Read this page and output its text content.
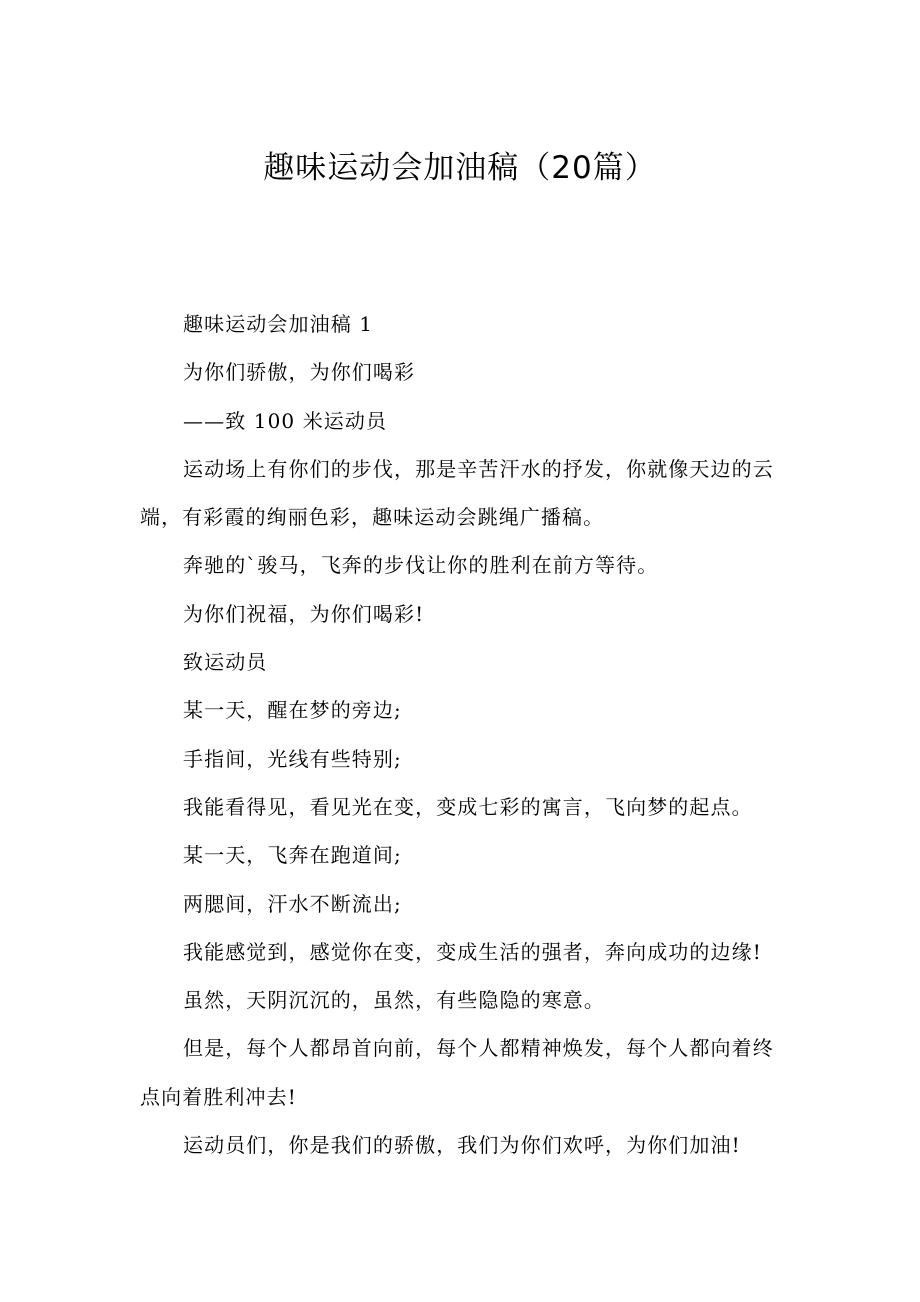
趣味运动会加油稿（20篇）

趣味运动会加油稿 1

为你们骄傲，为你们喝彩

——致 100 米运动员

运动场上有你们的步伐，那是辛苦汗水的抒发，你就像天边的云端，有彩霞的绚丽色彩，趣味运动会跳绳广播稿。

奔驰的`骏马，飞奔的步伐让你的胜利在前方等待。

为你们祝福，为你们喝彩!

致运动员

某一天，醒在梦的旁边;

手指间，光线有些特别;

我能看得见，看见光在变，变成七彩的寓言，飞向梦的起点。

某一天，飞奔在跑道间;

两腮间，汗水不断流出;

我能感觉到，感觉你在变，变成生活的强者，奔向成功的边缘!

虽然，天阴沉沉的，虽然，有些隐隐的寒意。

但是，每个人都昂首向前，每个人都精神焕发，每个人都向着终点向着胜利冲去!

运动员们，你是我们的骄傲，我们为你们欢呼，为你们加油!
